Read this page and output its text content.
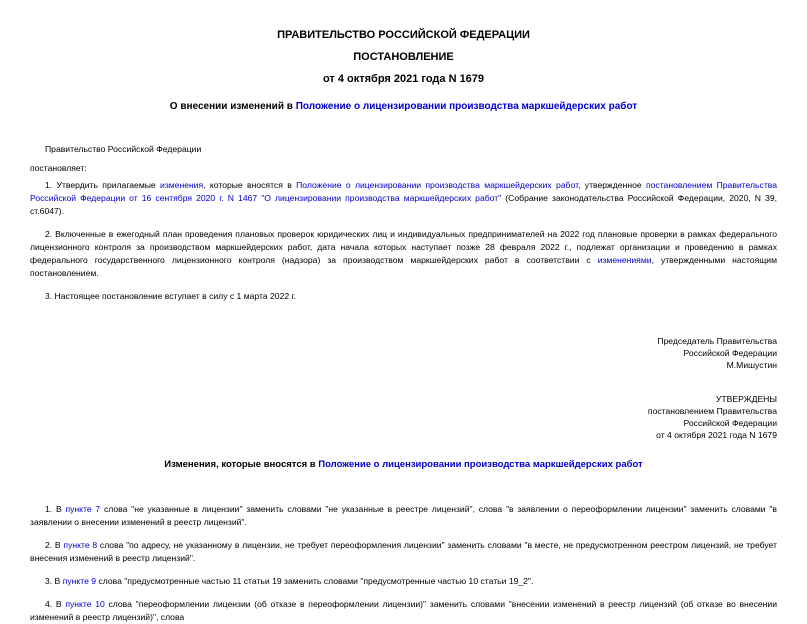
ПРАВИТЕЛЬСТВО РОССИЙСКОЙ ФЕДЕРАЦИИ

ПОСТАНОВЛЕНИЕ

от 4 октября 2021 года N 1679

О внесении изменений в Положение о лицензировании производства маркшейдерских работ

Правительство Российской Федерации

постановляет:

1. Утвердить прилагаемые изменения, которые вносятся в Положение о лицензировании производства маркшейдерских работ, утвержденное постановлением Правительства Российской Федерации от 16 сентября 2020 г. N 1467 "О лицензировании производства маркшейдерских работ" (Собрание законодательства Российской Федерации, 2020, N 39, ст.6047).

2. Включенные в ежегодный план проведения плановых проверок юридических лиц и индивидуальных предпринимателей на 2022 год плановые проверки в рамках федерального лицензионного контроля за производством маркшейдерских работ, дата начала которых наступает позже 28 февраля 2022 г., подлежат организации и проведению в рамках федерального государственного лицензионного контроля (надзора) за производством маркшейдерских работ в соответствии с изменениями, утвержденными настоящим постановлением.

3. Настоящее постановление вступает в силу с 1 марта 2022 г.

Председатель Правительства

Российской Федерации

М.Мишустин

УТВЕРЖДЕНЫ

постановлением Правительства

Российской Федерации

от 4 октября 2021 года N 1679

Изменения, которые вносятся в Положение о лицензировании производства маркшейдерских работ

1. В пункте 7 слова "не указанные в лицензии" заменить словами "не указанные в реестре лицензий", слова "в заявлении о переоформлении лицензии" заменить словами "в заявлении о внесении изменений в реестр лицензий".

2. В пункте 8 слова "по адресу, не указанному в лицензии, не требует переоформления лицензии" заменить словами "в месте, не предусмотренном реестром лицензий, не требует внесения изменений в реестр лицензий".

3. В пункте 9 слова "предусмотренные частью 11 статьи 19 заменить словами "предусмотренные частью 10 статьи 19_2".

4. В пункте 10 слова "переоформлении лицензии (об отказе в переоформлении лицензии)" заменить словами "внесении изменений в реестр лицензий (об отказе во внесении изменений в реестр лицензий)", слова
